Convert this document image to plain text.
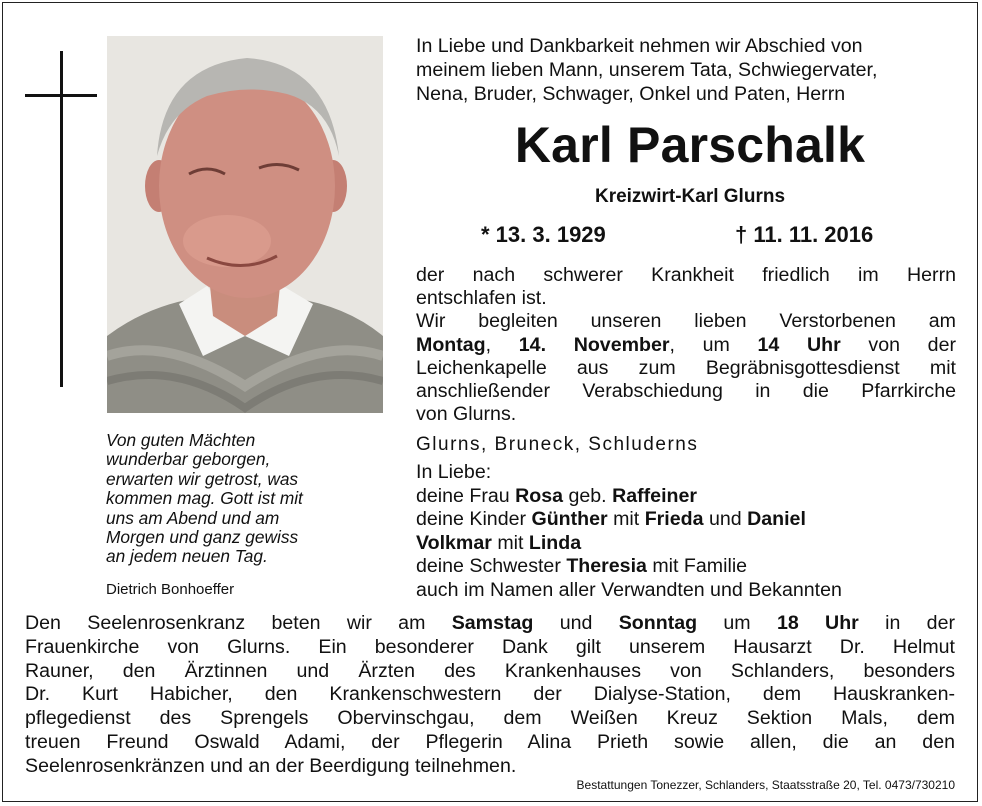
Von guten Mächten
wunderbar geborgen,
erwarten wir getrost, was
kommen mag. Gott ist mit
uns am Abend und am
Morgen und ganz gewiss
an jedem neuen Tag.
Dietrich Bonhoeffer
In Liebe und Dankbarkeit nehmen wir Abschied von
meinem lieben Mann, unserem Tata, Schwiegervater,
Nena, Bruder, Schwager, Onkel und Paten, Herrn
Karl Parschalk
Kreizwirt-Karl Glurns
* 13. 3. 1929	† 11. 11. 2016
der nach schwerer Krankheit friedlich im Herrn
entschlafen ist.
Wir begleiten unseren lieben Verstorbenen am
Montag, 14. November, um 14 Uhr von der
Leichenkapelle aus zum Begräbnisgottesdienst mit
anschließender Verabschiedung in die Pfarrkirche
von Glurns.
Glurns, Bruneck, Schluderns
In Liebe:
deine Frau Rosa geb. Raffeiner
deine Kinder Günther mit Frieda und Daniel
Volkmar mit Linda
deine Schwester Theresia mit Familie
auch im Namen aller Verwandten und Bekannten
Den Seelenrosenkranz beten wir am Samstag und Sonntag um 18 Uhr in der
Frauenkirche von Glurns. Ein besonderer Dank gilt unserem Hausarzt Dr. Helmut
Rauner, den Ärztinnen und Ärzten des Krankenhauses von Schlanders, besonders
Dr. Kurt Habicher, den Krankenschwestern der Dialyse-Station, dem Hauskranken-
pflegedienst des Sprengels Obervinschgau, dem Weißen Kreuz Sektion Mals, dem
treuen Freund Oswald Adami, der Pflegerin Alina Prieth sowie allen, die an den
Seelenrosenkränzen und an der Beerdigung teilnehmen.
Bestattungen Tonezzer, Schlanders, Staatsstraße 20, Tel. 0473/730210
